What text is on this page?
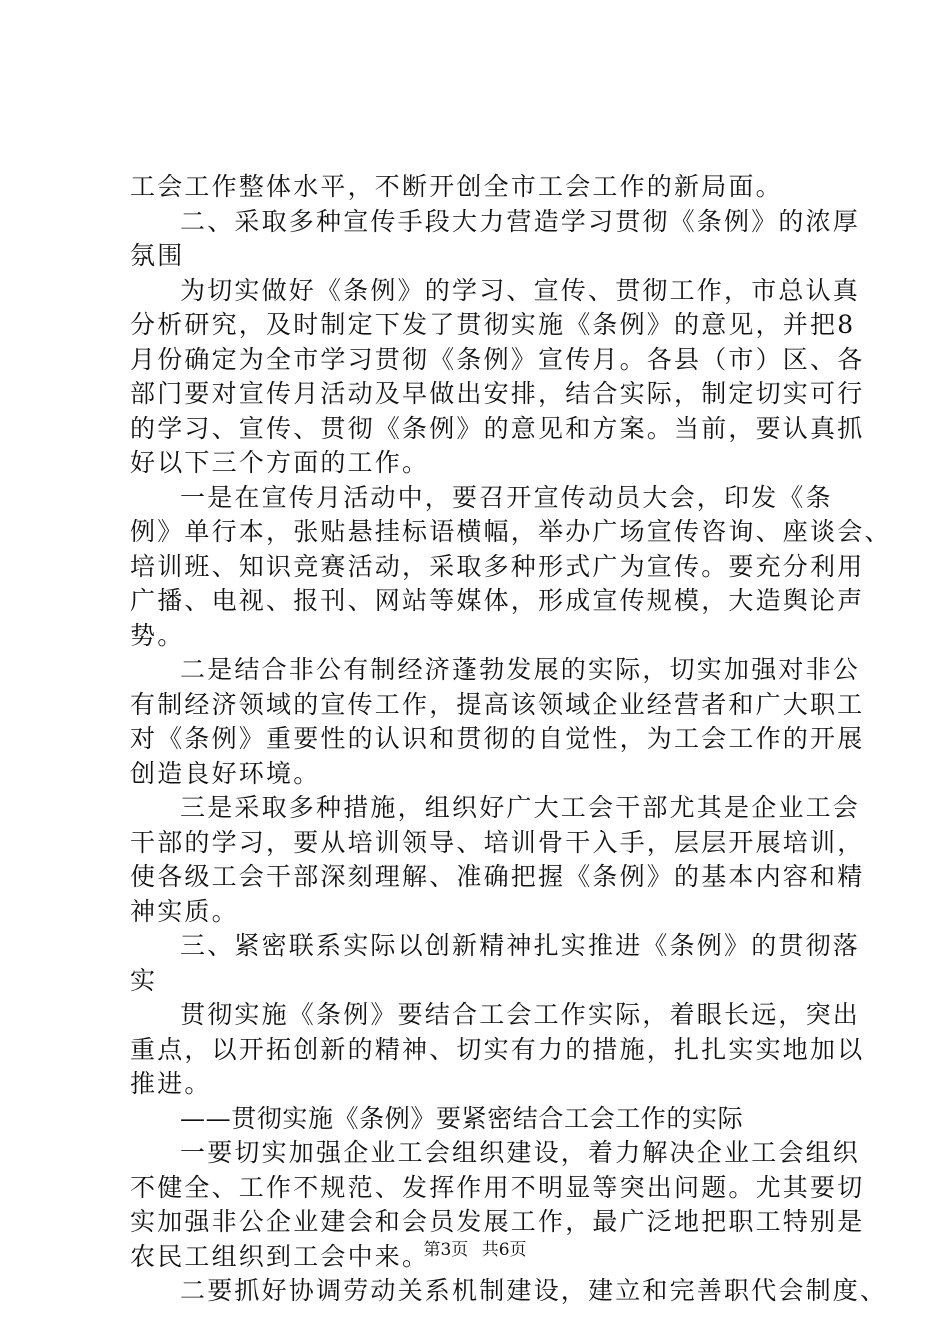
工会工作整体水平，不断开创全市工会工作的新局面。
二、采取多种宣传手段大力营造学习贯彻《条例》的浓厚
氛围
为切实做好《条例》的学习、宣传、贯彻工作，市总认真
分析研究，及时制定下发了贯彻实施《条例》的意见，并把8
月份确定为全市学习贯彻《条例》宣传月。各县（市）区、各
部门要对宣传月活动及早做出安排，结合实际，制定切实可行
的学习、宣传、贯彻《条例》的意见和方案。当前，要认真抓
好以下三个方面的工作。
一是在宣传月活动中，要召开宣传动员大会，印发《条
例》单行本，张贴悬挂标语横幅，举办广场宣传咨询、座谈会、
培训班、知识竞赛活动，采取多种形式广为宣传。要充分利用
广播、电视、报刊、网站等媒体，形成宣传规模，大造舆论声
势。
二是结合非公有制经济蓬勃发展的实际，切实加强对非公
有制经济领域的宣传工作，提高该领域企业经营者和广大职工
对《条例》重要性的认识和贯彻的自觉性，为工会工作的开展
创造良好环境。
三是采取多种措施，组织好广大工会干部尤其是企业工会
干部的学习，要从培训领导、培训骨干入手，层层开展培训，
使各级工会干部深刻理解、准确把握《条例》的基本内容和精
神实质。
三、紧密联系实际以创新精神扎实推进《条例》的贯彻落
实
贯彻实施《条例》要结合工会工作实际，着眼长远，突出
重点，以开拓创新的精神、切实有力的措施，扎扎实实地加以
推进。
——贯彻实施《条例》要紧密结合工会工作的实际
一要切实加强企业工会组织建设，着力解决企业工会组织
不健全、工作不规范、发挥作用不明显等突出问题。尤其要切
实加强非公企业建会和会员发展工作，最广泛地把职工特别是
农民工组织到工会中来。
二要抓好协调劳动关系机制建设，建立和完善职代会制度、
第3页 共6页
